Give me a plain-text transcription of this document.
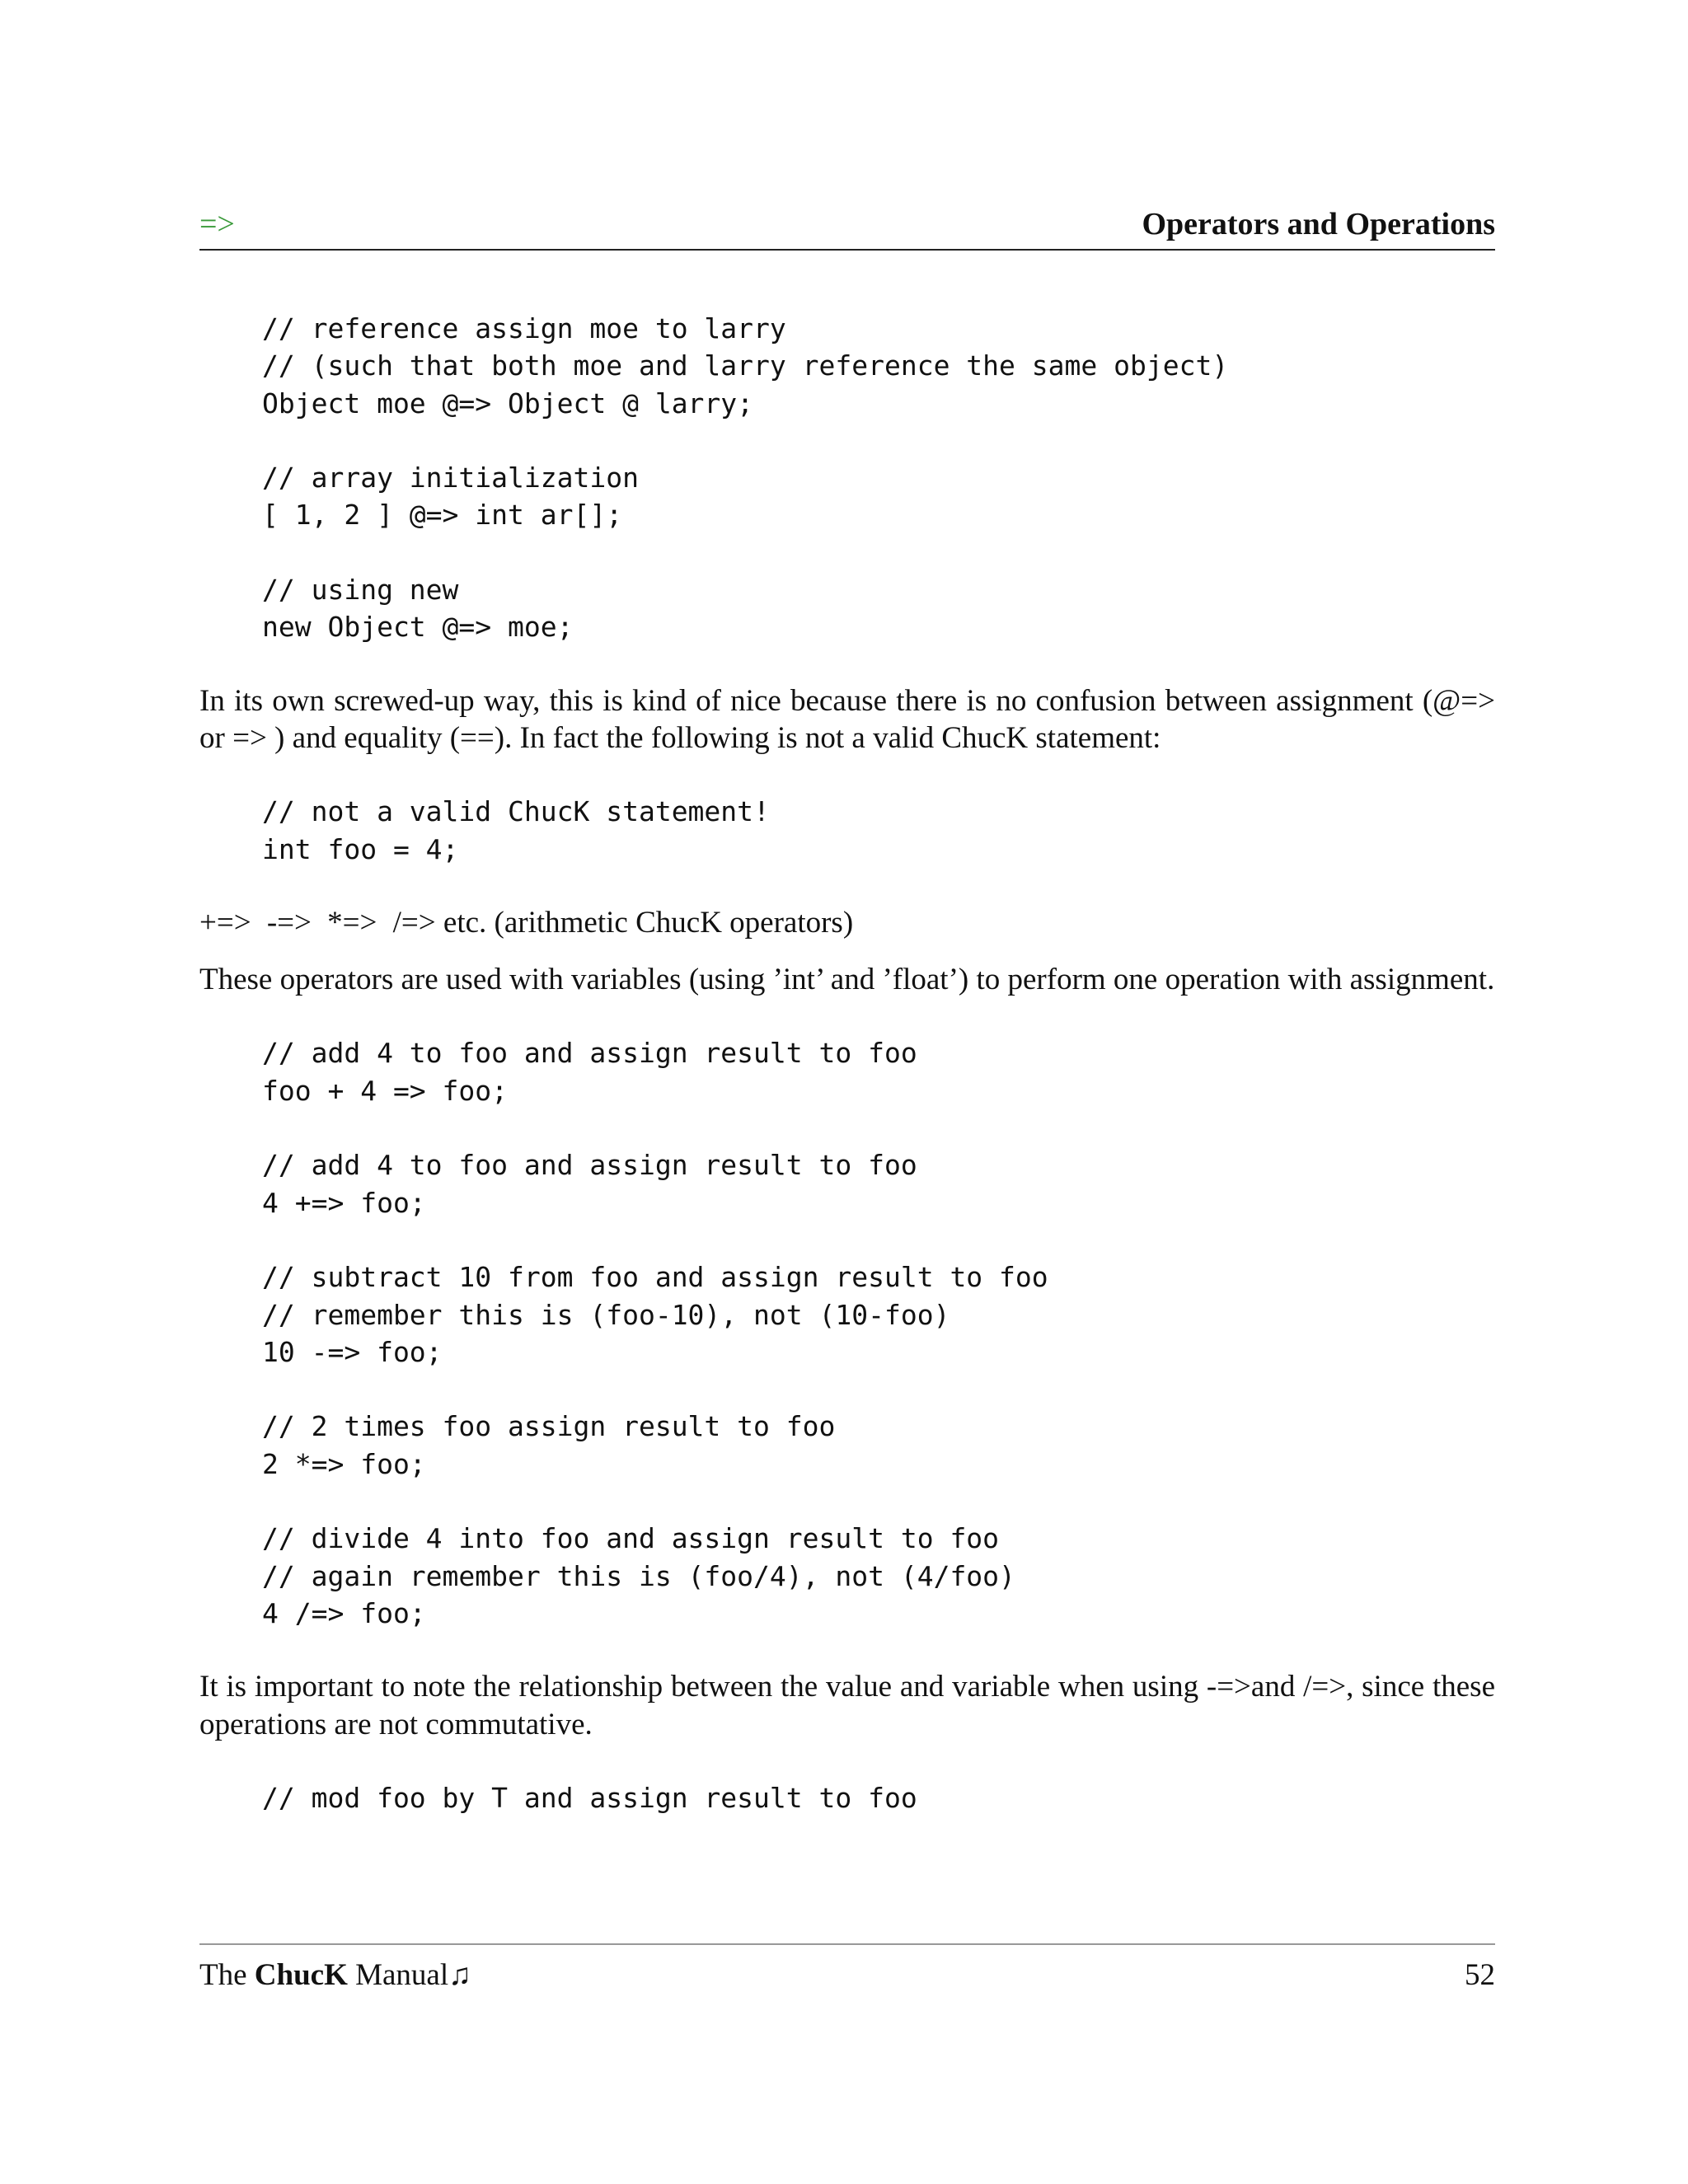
=>	Operators and Operations
// reference assign moe to larry
// (such that both moe and larry reference the same object)
Object moe @=> Object @ larry;
// array initialization
[ 1, 2 ] @=> int ar[];
// using new
new Object @=> moe;

In its own screwed-up way, this is kind of nice because there is no confusion between assignment (@=> or => ) and equality (==). In fact the following is not a valid ChucK statement:

// not a valid ChucK statement!
int foo = 4;

+=> -=> *=> /=> etc. (arithmetic ChucK operators)

These operators are used with variables (using ’int’ and ’float’) to perform one operation with assignment.

// add 4 to foo and assign result to foo
foo + 4 => foo;
// add 4 to foo and assign result to foo
4 +=> foo;
// subtract 10 from foo and assign result to foo
// remember this is (foo-10), not (10-foo)
10 -=> foo;
// 2 times foo assign result to foo
2 *=> foo;
// divide 4 into foo and assign result to foo
// again remember this is (foo/4), not (4/foo)
4 /=> foo;

It is important to note the relationship between the value and variable when using -=>and /=>, since these operations are not commutative.

// mod foo by T and assign result to foo
The ChucK Manual♫	52
